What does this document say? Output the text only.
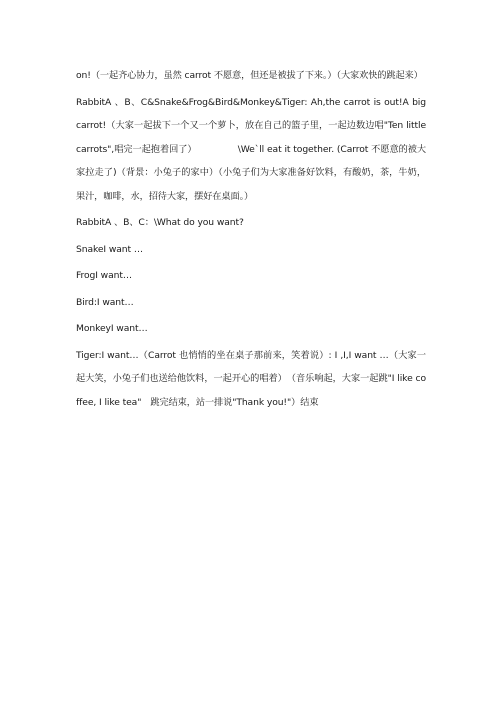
on!（一起齐心协力，虽然 carrot 不愿意，但还是被拔了下来。）（大家欢快的跳起来）

RabbitA 、B、C&Snake&Frog&Bird&Monkey&Tiger: Ah,the carrot is out!A big carrot!（大家一起拔下一个又一个萝卜，放在自己的篮子里，一起边数边唱"Ten little carrots",唱完一起抱着回了）　　　　　\We`ll eat it together. (Carrot 不愿意的被大家拉走了)（背景：小兔子的家中）（小兔子们为大家准备好饮料，有酸奶，茶，牛奶，果汁，咖啡，水，招待大家，摆好在桌面。）

RabbitA 、B、C：\What do you want?

SnakeI want …

FrogI want…

Bird:I want…

MonkeyI want…

Tiger:I want…（Carrot 也悄悄的坐在桌子那前来，笑着说）: I ,I,I want …（大家一起大笑，小兔子们也送给他饮料，一起开心的唱着）　（音乐响起，大家一起跳"I like coffee, I like tea"　跳完结束，站一排说"Thank you!"）结束
